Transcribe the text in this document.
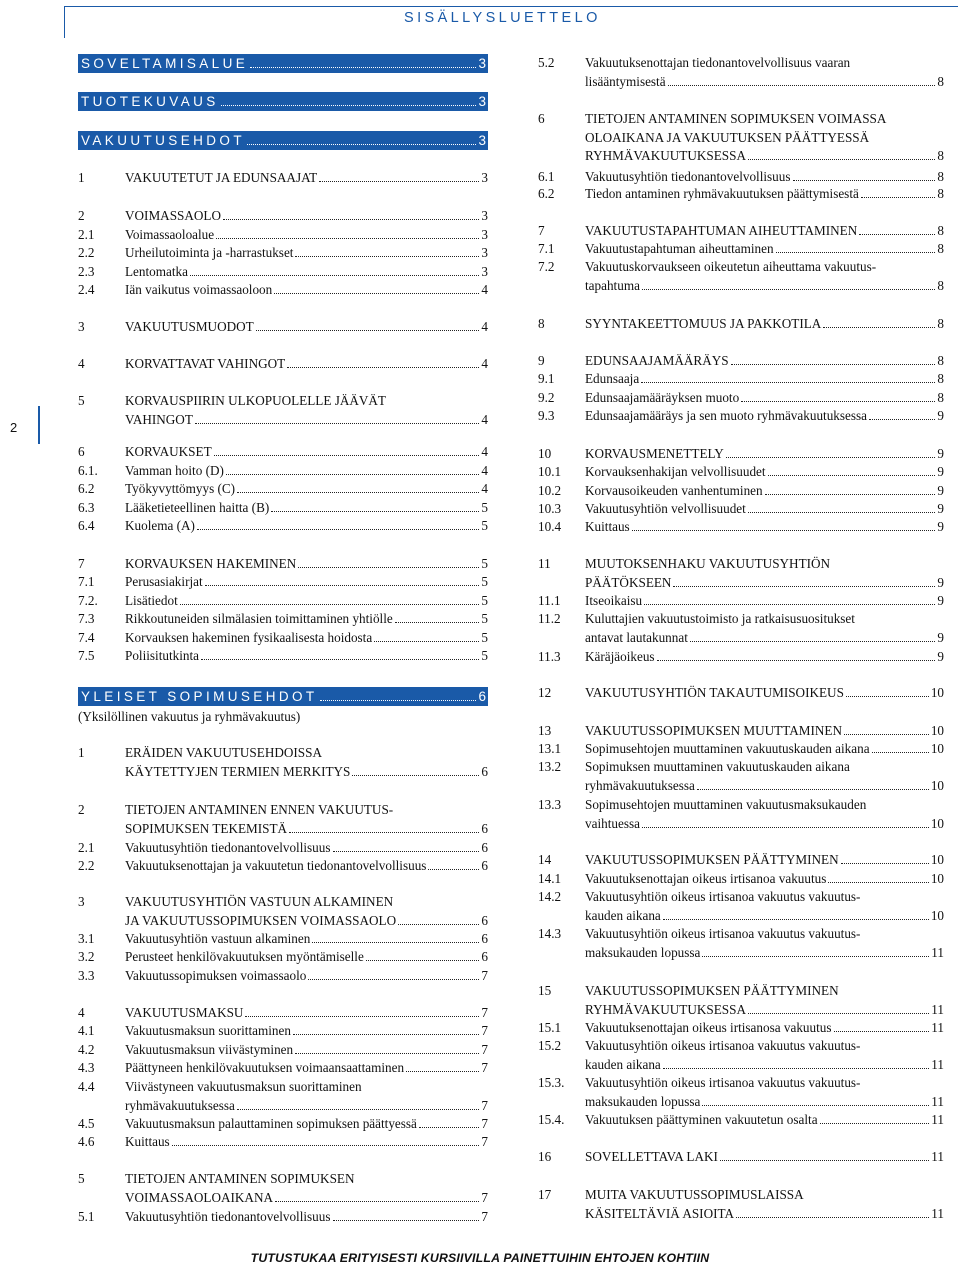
SISÄLLYSLUETTELO
SOVELTAMISALUE	3
TUOTEKUVAUS	3
VAKUUTUSEHDOT	3
1	VAKUUTETUT JA EDUNSAAJAT	3
2	VOIMASSAOLO	3
2.1 Voimassaoloalue	3
2.2 Urheilutoiminta ja -harrastukset	3
2.3 Lentomatka	3
2.4 Iän vaikutus voimassaoloon	4
3	VAKUUTUSMUODOT	4
4	KORVATTAVAT VAHINGOT	4
5	KORVAUSPIIRIN ULKOPUOLELLE JÄÄVÄT
VAHINGOT	4
6	KORVAUKSET	4
6.1. Vamman hoito (D)	4
6.2 Työkyvyttömyys (C)	4
6.3 Lääketieteellinen haitta (B)	5
6.4 Kuolema (A)	5
7	KORVAUKSEN HAKEMINEN	5
7.1 Perusasiakirjat	5
7.2. Lisätiedot	5
7.3 Rikkoutuneiden silmälasien toimittaminen yhtiölle	5
7.4 Korvauksen hakeminen fysikaalisesta hoidosta	5
7.5 Poliisitutkinta	5
YLEISET SOPIMUSEHDOT	6
(Yksilöllinen vakuutus ja ryhmävakuutus)
1	ERÄIDEN VAKUUTUSEHDOISSA
KÄYTETTYJEN TERMIEN MERKITYS	6
2	TIETOJEN ANTAMINEN ENNEN VAKUUTUS-
SOPIMUKSEN TEKEMISTÄ	6
2.1 Vakuutusyhtiön tiedonantovelvollisuus	6
2.2 Vakuutuksenottajan ja vakuutetun tiedonantovelvollisuus	6
3	VAKUUTUSYHTIÖN VASTUUN ALKAMINEN
JA VAKUUTUSSOPIMUKSEN VOIMASSAOLO	6
3.1 Vakuutusyhtiön vastuun alkaminen	6
3.2 Perusteet henkilövakuutuksen myöntämiselle	6
3.3 Vakuutussopimuksen voimassaolo	7
4	VAKUUTUSMAKSU	7
4.1 Vakuutusmaksun suorittaminen	7
4.2 Vakuutusmaksun viivästyminen	7
4.3 Päättyneen henkilövakuutuksen voimaansaattaminen	7
4.4 Viivästyneen vakuutusmaksun suorittaminen
ryhmävakuutuksessa	7
4.5 Vakuutusmaksun palauttaminen sopimuksen päättyessä	7
4.6 Kuittaus	7
5	TIETOJEN ANTAMINEN SOPIMUKSEN
VOIMASSAOLOAIKANA	7
5.1 Vakuutusyhtiön tiedonantovelvollisuus	7
5.2 Vakuutuksenottajan tiedonantovelvollisuus vaaran
lisääntymisestä	8
6	TIETOJEN ANTAMINEN SOPIMUKSEN VOIMASSA
OLOAIKANA JA VAKUUTUKSEN PÄÄTTYESSÄ
RYHMÄVAKUUTUKSESSA	8
6.1 Vakuutusyhtiön tiedonantovelvollisuus	8
6.2 Tiedon antaminen ryhmävakuutuksen päättymisestä	8
7	VAKUUTUSTAPAHTUMAN AIHEUTTAMINEN	8
7.1 Vakuutustapahtuman aiheuttaminen	8
7.2 Vakuutuskorvaukseen oikeutetun aiheuttama vakuutus-
tapahtuma	8
8	SYYNTAKEETTOMUUS JA PAKKOTILA	8
9	EDUNSAAJAMÄÄRÄYS	8
9.1 Edunsaaja	8
9.2 Edunsaajamääräyksen muoto	8
9.3 Edunsaajamääräys ja sen muoto ryhmävakuutuksessa	9
10	KORVAUSMENETTELY	9
10.1 Korvauksenhakijan velvollisuudet	9
10.2 Korvausoikeuden vanhentuminen	9
10.3 Vakuutusyhtiön velvollisuudet	9
10.4 Kuittaus	9
11	MUUTOKSENHAKU VAKUUTUSYHTIÖN
PÄÄTÖKSEEN	9
11.1 Itseoikaisu	9
11.2 Kuluttajien vakuutustoimisto ja ratkaisusuositukset
antavat lautakunnat	9
11.3 Käräjäoikeus	9
12	VAKUUTUSYHTIÖN TAKAUTUMISOIKEUS	10
13	VAKUUTUSSOPIMUKSEN MUUTTAMINEN	10
13.1 Sopimusehtojen muuttaminen vakuutuskauden aikana	10
13.2 Sopimuksen muuttaminen vakuutuskauden aikana
ryhmävakuutuksessa	10
13.3 Sopimusehtojen muuttaminen vakuutusmaksukauden
vaihtuessa	10
14	VAKUUTUSSOPIMUKSEN PÄÄTTYMINEN	10
14.1 Vakuutuksenottajan oikeus irtisanoa vakuutus	10
14.2 Vakuutusyhtiön oikeus irtisanoa vakuutus vakuutus-
kauden aikana	10
14.3 Vakuutusyhtiön oikeus irtisanoa vakuutus vakuutus-
maksukauden lopussa	11
15	VAKUUTUSSOPIMUKSEN PÄÄTTYMINEN
RYHMÄVAKUUTUKSESSA	11
15.1 Vakuutuksenottajan oikeus irtisanosa vakuutus	11
15.2 Vakuutusyhtiön oikeus irtisanoa vakuutus vakuutus-
kauden aikana	11
15.3. Vakuutusyhtiön oikeus irtisanoa vakuutus vakuutus-
maksukauden lopussa	11
15.4. Vakuutuksen päättyminen vakuutetun osalta	11
16	SOVELLETTAVA LAKI	11
17	MUITA VAKUUTUSSOPIMUSLAISSA
KÄSITELTÄVIÄ ASIOITA	11
2
TUTUSTUKAA ERITYISESTI KURSIIVILLA PAINETTUIHIN EHTOJEN KOHTIIN
